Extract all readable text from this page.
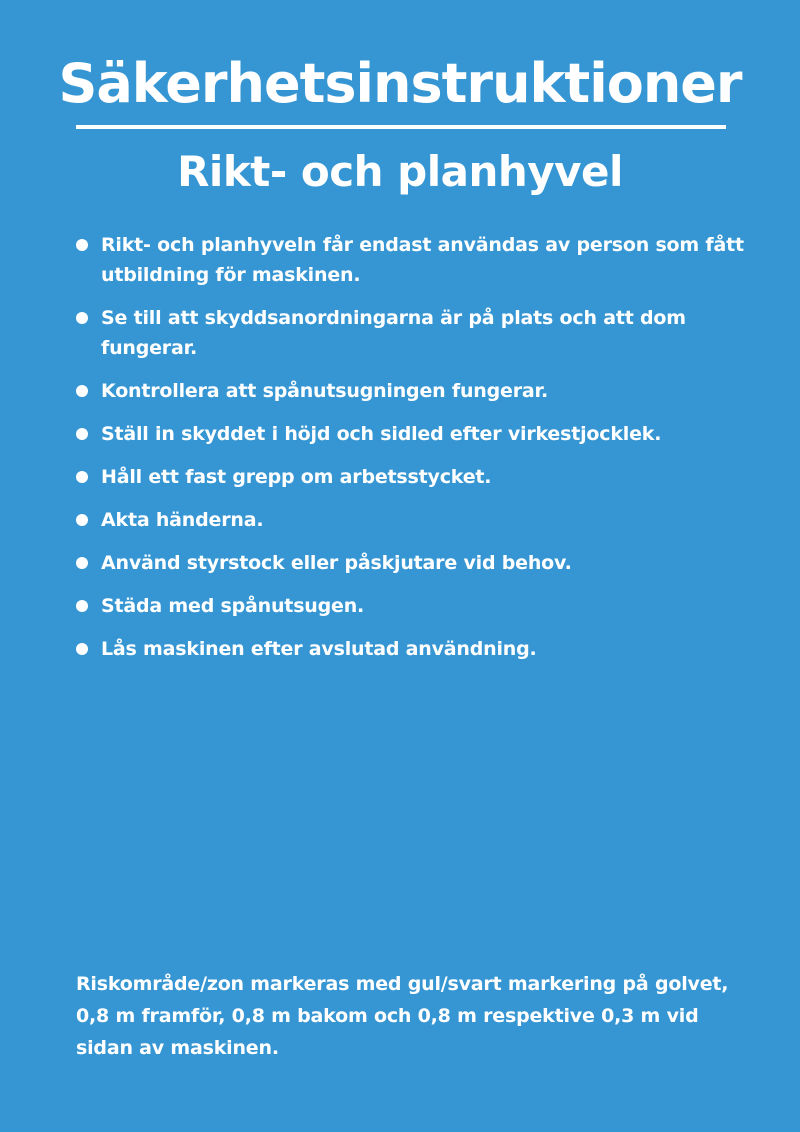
Säkerhetsinstruktioner
Rikt- och planhyvel
Rikt- och planhyveln får endast användas av person som fått utbildning för maskinen.
Se till att skyddsanordningarna är på plats och att dom fungerar.
Kontrollera att spånutsugningen fungerar.
Ställ in skyddet i höjd och sidled efter virkestjocklek.
Håll ett fast grepp om arbetsstycket.
Akta händerna.
Använd styrstock eller påskjutare vid behov.
Städa med spånutsugen.
Lås maskinen efter avslutad användning.

Riskområde/zon markeras med gul/svart markering på golvet, 0,8 m framför, 0,8 m bakom och 0,8 m respektive 0,3 m vid sidan av maskinen.
